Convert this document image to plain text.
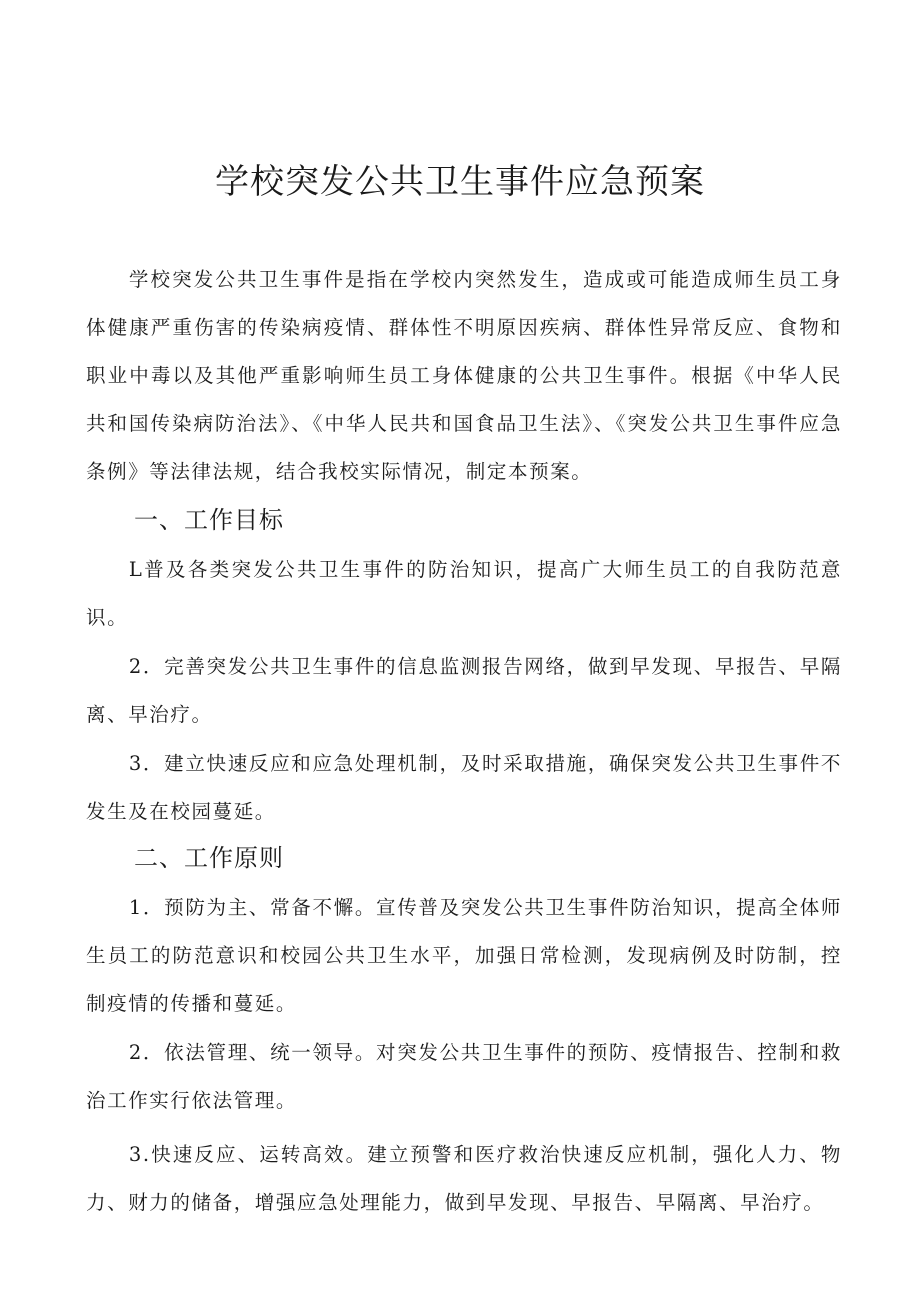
学校突发公共卫生事件应急预案

学校突发公共卫生事件是指在学校内突然发生，造成或可能造成师生员工身体健康严重伤害的传染病疫情、群体性不明原因疾病、群体性异常反应、食物和职业中毒以及其他严重影响师生员工身体健康的公共卫生事件。根据《中华人民共和国传染病防治法》、《中华人民共和国食品卫生法》、《突发公共卫生事件应急条例》等法律法规，结合我校实际情况，制定本预案。

一、工作目标

L普及各类突发公共卫生事件的防治知识，提高广大师生员工的自我防范意识。

2．完善突发公共卫生事件的信息监测报告网络，做到早发现、早报告、早隔离、早治疗。

3．建立快速反应和应急处理机制，及时采取措施，确保突发公共卫生事件不发生及在校园蔓延。

二、工作原则

1．预防为主、常备不懈。宣传普及突发公共卫生事件防治知识，提高全体师生员工的防范意识和校园公共卫生水平，加强日常检测，发现病例及时防制，控制疫情的传播和蔓延。

2．依法管理、统一领导。对突发公共卫生事件的预防、疫情报告、控制和救治工作实行依法管理。

3.快速反应、运转高效。建立预警和医疗救治快速反应机制，强化人力、物力、财力的储备，增强应急处理能力，做到早发现、早报告、早隔离、早治疗。
